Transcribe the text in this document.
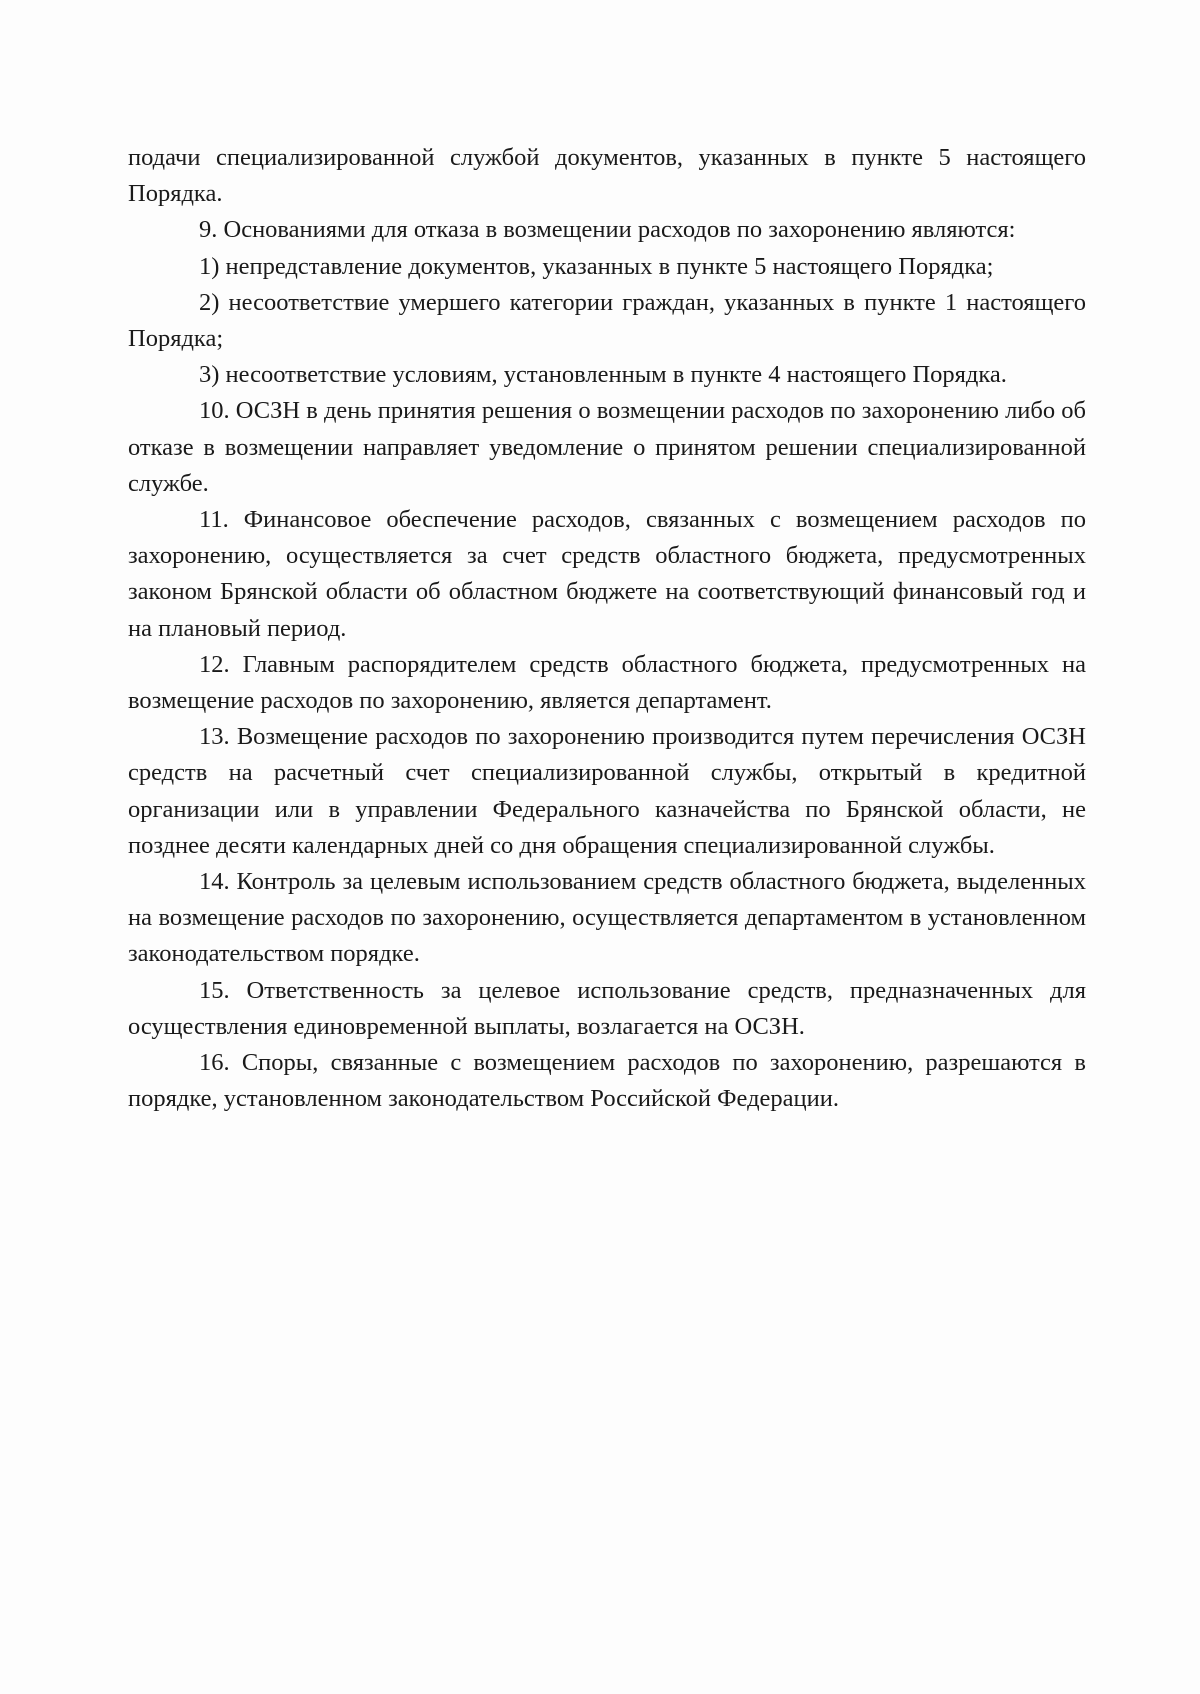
подачи специализированной службой документов, указанных в пункте 5 настоящего Порядка.

9. Основаниями для отказа в возмещении расходов по захоронению являются:

1) непредставление документов, указанных в пункте 5 настоящего Порядка;

2) несоответствие умершего категории граждан, указанных в пункте 1 настоящего Порядка;

3) несоответствие условиям, установленным в пункте 4 настоящего Порядка.

10. ОСЗН в день принятия решения о возмещении расходов по захоронению либо об отказе в возмещении направляет уведомление о принятом решении специализированной службе.

11. Финансовое обеспечение расходов, связанных с возмещением расходов по захоронению, осуществляется за счет средств областного бюджета, предусмотренных законом Брянской области об областном бюджете на соответствующий финансовый год и на плановый период.

12. Главным распорядителем средств областного бюджета, предусмотренных на возмещение расходов по захоронению, является департамент.

13. Возмещение расходов по захоронению производится путем перечисления ОСЗН средств на расчетный счет специализированной службы, открытый в кредитной организации или в управлении Федерального казначейства по Брянской области, не позднее десяти календарных дней со дня обращения специализированной службы.

14. Контроль за целевым использованием средств областного бюджета, выделенных на возмещение расходов по захоронению, осуществляется департаментом в установленном законодательством порядке.

15. Ответственность за целевое использование средств, предназначенных для осуществления единовременной выплаты, возлагается на ОСЗН.

16. Споры, связанные с возмещением расходов по захоронению, разрешаются в порядке, установленном законодательством Российской Федерации.
